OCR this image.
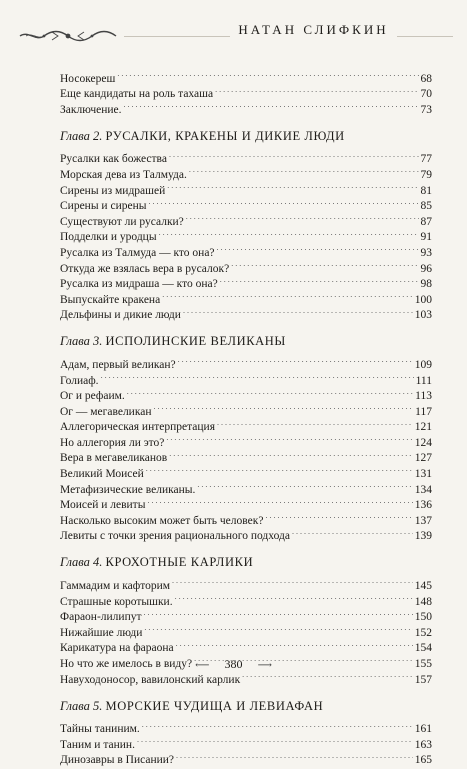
НАТАН СЛИФКИН
Носокереш . . .	68
Еще кандидаты на роль тахаша . . .	70
Заключение. . . .	73
Глава 2. РУСАЛКИ, КРАКЕНЫ И ДИКИЕ ЛЮДИ
Русалки как божества . . .	77
Морская дева из Талмуда. . . .	79
Сирены из мидрашей . . .	81
Сирены и сирены . . .	85
Существуют ли русалки? . . .	87
Подделки и уродцы . . .	91
Русалка из Талмуда — кто она? . . .	93
Откуда же взялась вера в русалок? . . .	96
Русалка из мидраша — кто она? . . .	98
Выпускайте кракена . . .	100
Дельфины и дикие люди . . .	103
Глава 3. ИСПОЛИНСКИЕ ВЕЛИКАНЫ
Адам, первый великан? . . .	109
Голиаф. . . .	111
Ог и рефаим. . . .	113
Ог — мегавеликан . . .	117
Аллегорическая интерпретация . . .	121
Но аллегория ли это? . . .	124
Вера в мегавеликанов . . .	127
Великий Моисей . . .	131
Метафизические великаны. . . .	134
Моисей и левиты . . .	136
Насколько высоким может быть человек? . . .	137
Левиты с точки зрения рационального подхода . . .	139
Глава 4. КРОХОТНЫЕ КАРЛИКИ
Гаммадим и кафторим . . .	145
Страшные коротышки. . . .	148
Фараон-лилипут . . .	150
Нижайшие люди . . .	152
Карикатура на фараона . . .	154
Но что же имелось в виду? . . .	155
Навуходоносор, вавилонский карлик . . .	157
Глава 5. МОРСКИЕ ЧУДИЩА И ЛЕВИАФАН
Тайны таниним. . . .	161
Таним и танин. . . .	163
Динозавры в Писании? . . .	165
⟵ 380 ⟶
